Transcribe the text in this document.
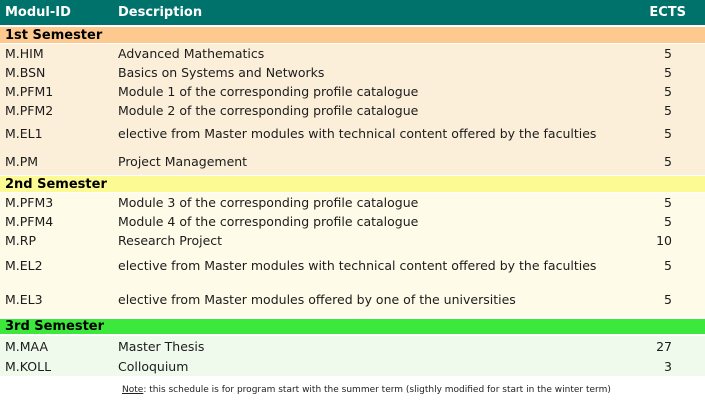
Modul-ID	Description	ECTS
1st Semester
M.HIM	Advanced Mathematics	5
M.BSN	Basics on Systems and Networks	5
M.PFM1	Module 1 of the corresponding profile catalogue	5
M.PFM2	Module 2 of the corresponding profile catalogue	5
M.EL1	elective from Master modules with technical content offered by the faculties	5
M.PM	Project Management	5
2nd Semester
M.PFM3	Module 3 of the corresponding profile catalogue	5
M.PFM4	Module 4 of the corresponding profile catalogue	5
M.RP	Research Project	10
M.EL2	elective from Master modules with technical content offered by the faculties	5
M.EL3	elective from Master modules offered by one of the universities	5
3rd Semester
M.MAA	Master Thesis	27
M.KOLL	Colloquium	3
Note: this schedule is for program start with the summer term (sligthly modified for start in the winter term)
